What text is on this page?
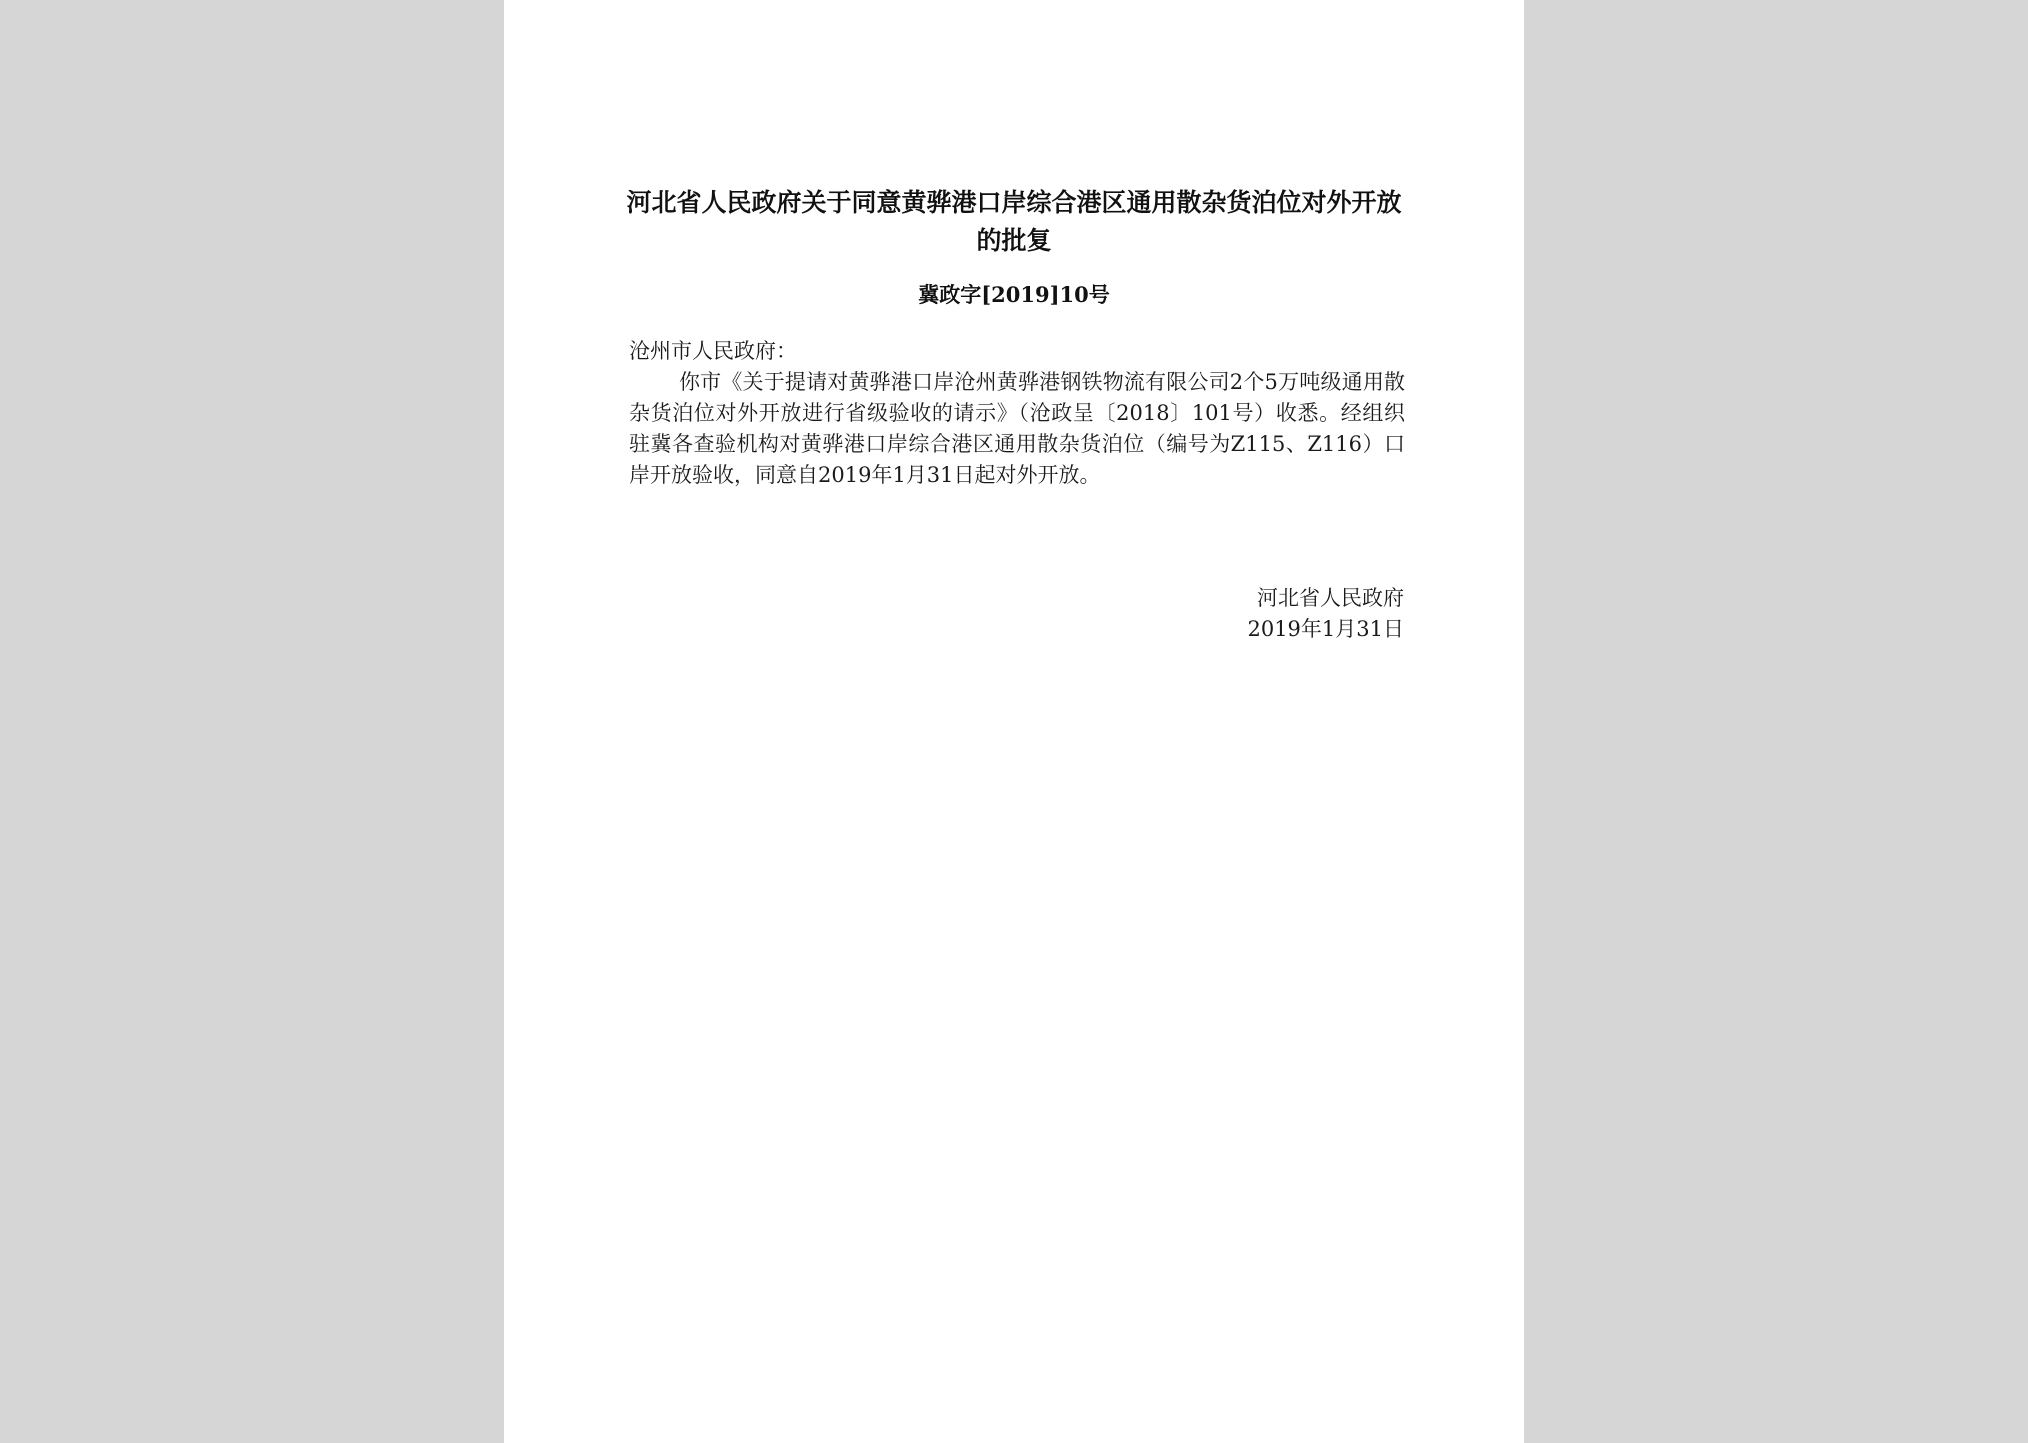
河北省人民政府关于同意黄骅港口岸综合港区通用散杂货泊位对外开放的批复
冀政字[2019]10号
沧州市人民政府：

你市《关于提请对黄骅港口岸沧州黄骅港钢铁物流有限公司2个5万吨级通用散杂货泊位对外开放进行省级验收的请示》（沧政呈〔2018〕101号）收悉。经组织驻冀各查验机构对黄骅港口岸综合港区通用散杂货泊位（编号为Z115、Z116）口岸开放验收，同意自2019年1月31日起对外开放。

河北省人民政府
2019年1月31日
